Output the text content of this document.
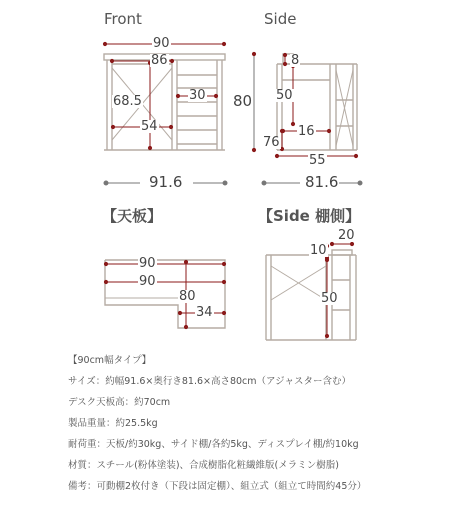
Front	Side
【天板】	【Side 棚側】
90
86
68.5	30
54
80
91.6
8
50
16
76
55
81.6
90
90
80
34
20
10
50
【90cm幅タイプ】
サイズ：約幅91.6×奥行き81.6×高さ80cm（アジャスター含む）
デスク天板高：約70cm
製品重量：約25.5kg
耐荷重：天板/約30kg、サイド棚/各約5kg、ディスプレイ棚/約10kg
材質：スチール(粉体塗装)、合成樹脂化粧繊維版(メラミン樹脂)
備考：可動棚2枚付き（下段は固定棚）、組立式（組立て時間約45分）
